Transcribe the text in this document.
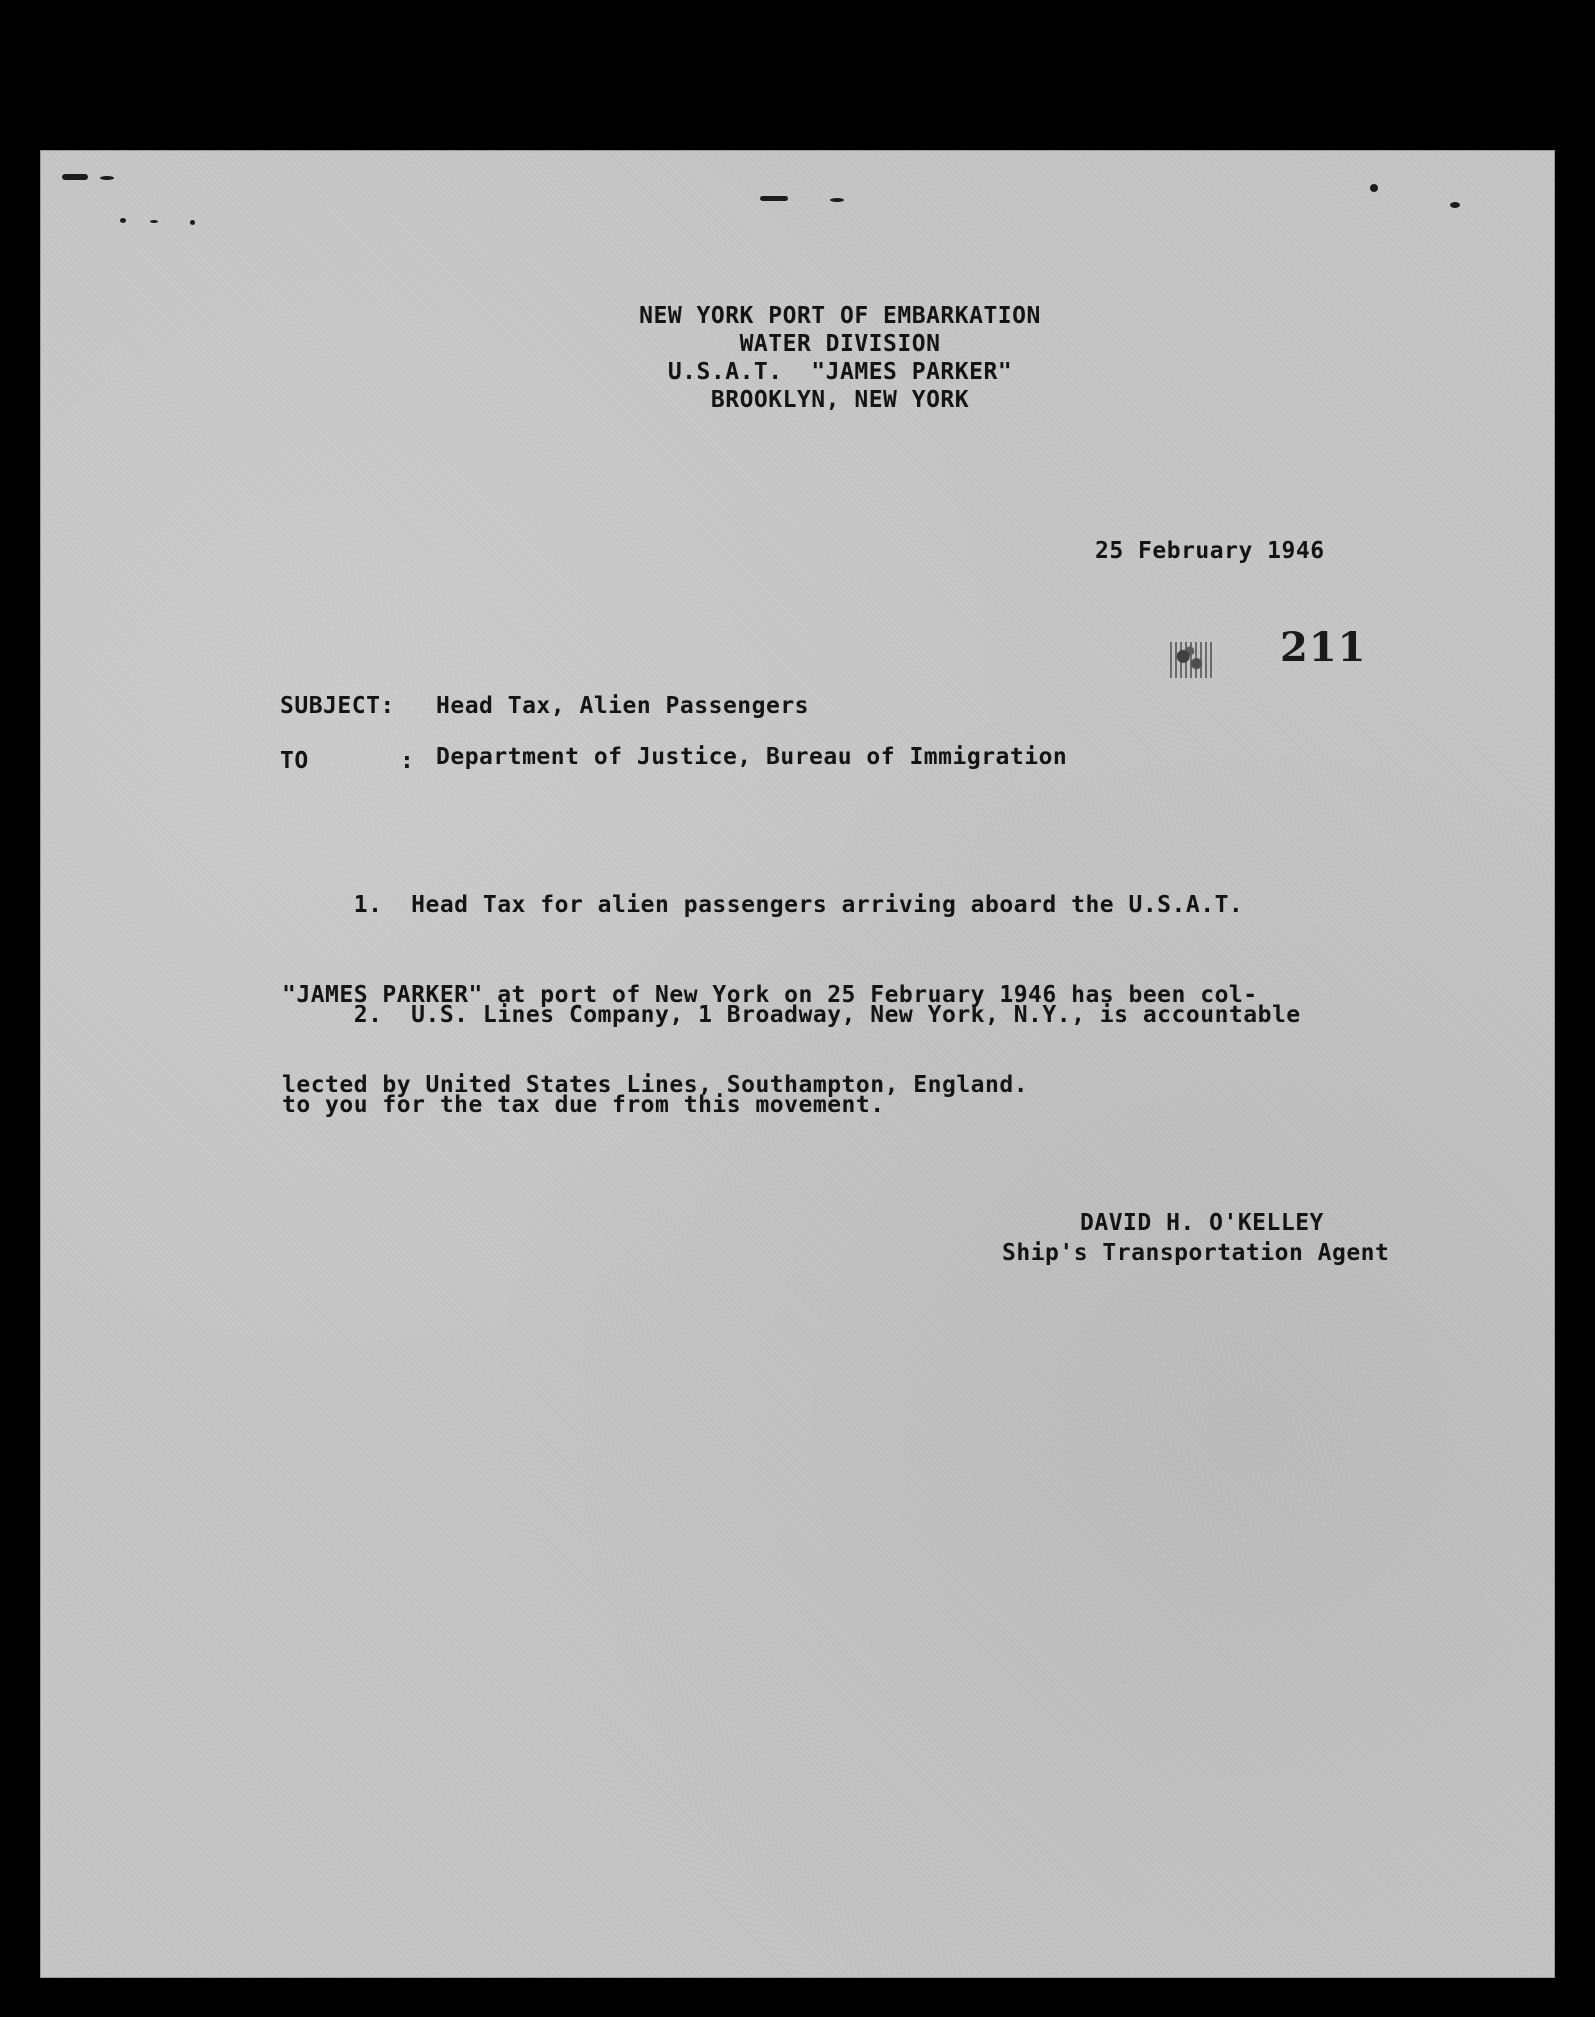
NEW YORK PORT OF EMBARKATION
WATER DIVISION
U.S.A.T.  "JAMES PARKER"
BROOKLYN, NEW YORK
25 February 1946
211
SUBJECT: Head Tax, Alien Passengers
TO	: Department of Justice, Bureau of Immigration

1.  Head Tax for alien passengers arriving aboard the U.S.A.T.

"JAMES PARKER" at port of New York on 25 February 1946 has been col-

lected by United States Lines, Southampton, England.

2.  U.S. Lines Company, 1 Broadway, New York, N.Y., is accountable

to you for the tax due from this movement.

DAVID H. O'KELLEY
Ship's Transportation Agent
